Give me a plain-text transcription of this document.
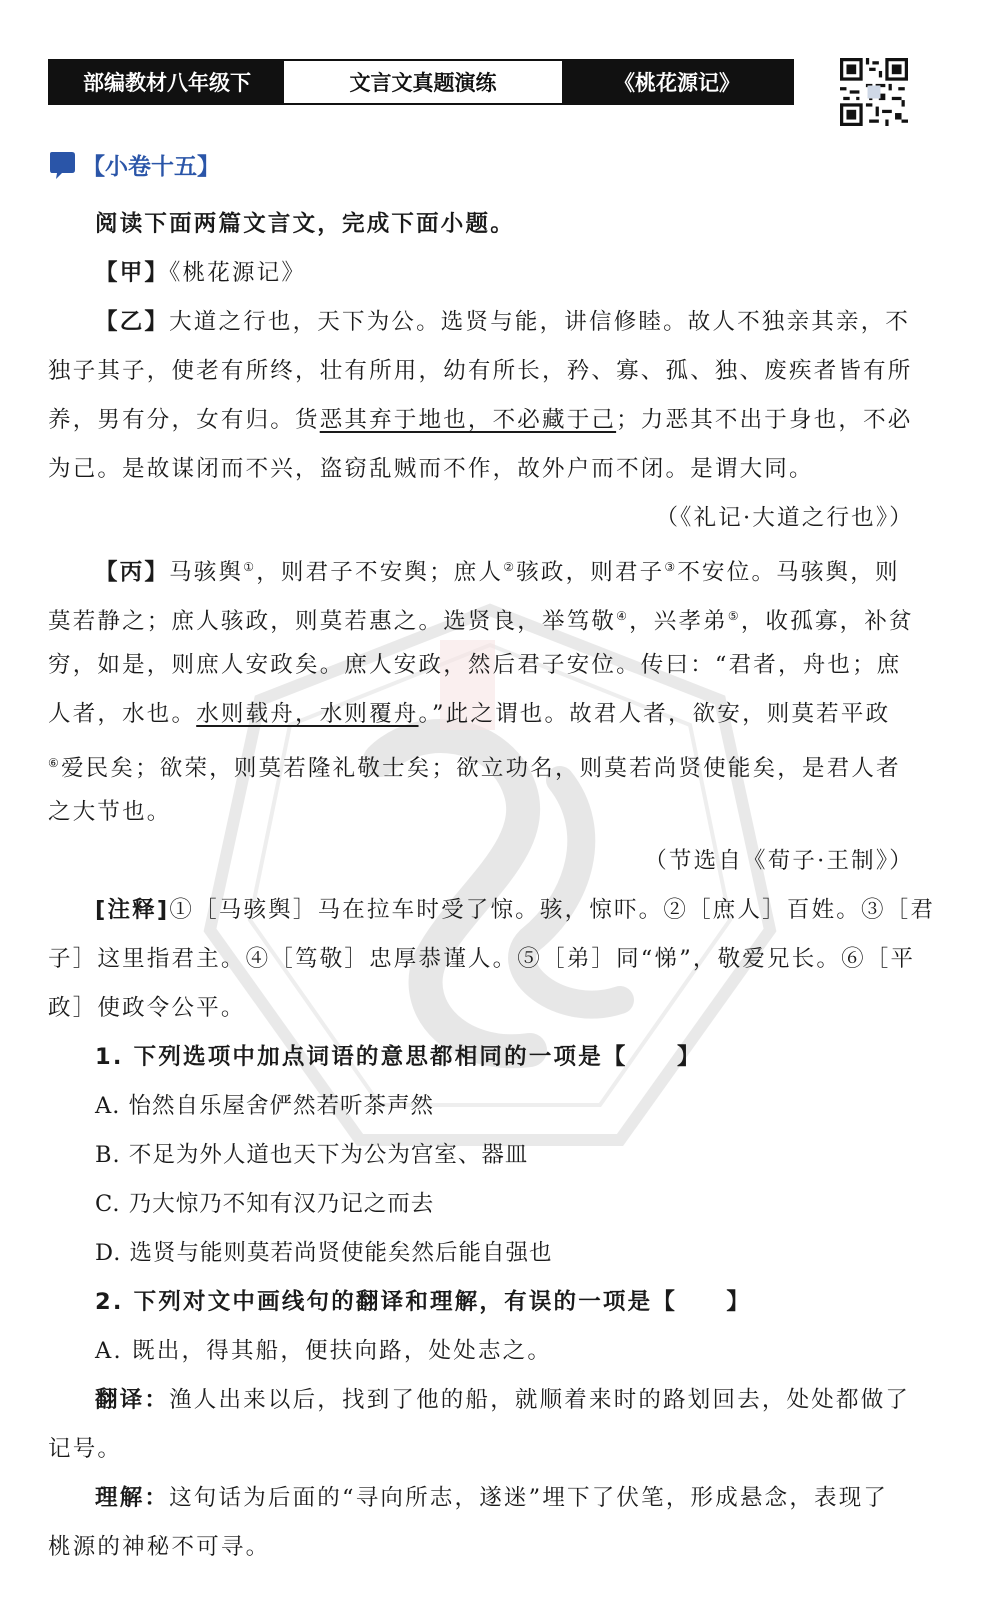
部编教材八年级下	文言文真题演练	《桃花源记》
【小卷十五】
阅读下面两篇文言文，完成下面小题。
【甲】《桃花源记》
【乙】大道之行也，天下为公。选贤与能，讲信修睦。故人不独亲其亲，不
独子其子，使老有所终，壮有所用，幼有所长，矜、寡、孤、独、废疾者皆有所
养，男有分，女有归。货恶其弃于地也，不必藏于己；力恶其不出于身也，不必
为己。是故谋闭而不兴，盗窃乱贼而不作，故外户而不闭。是谓大同。
（《礼记·大道之行也》）
【丙】马骇舆①，则君子不安舆；庶人②骇政，则君子③不安位。马骇舆，则
莫若静之；庶人骇政，则莫若惠之。选贤良，举笃敬④，兴孝弟⑤，收孤寡，补贫
穷，如是，则庶人安政矣。庶人安政，然后君子安位。传曰：“君者，舟也；庶
人者，水也。水则载舟，水则覆舟。”此之谓也。故君人者，欲安，则莫若平政
⑥爱民矣；欲荣，则莫若隆礼敬士矣；欲立功名，则莫若尚贤使能矣，是君人者
之大节也。
（节选自《荀子·王制》）
[注释]①［马骇舆］马在拉车时受了惊。骇，惊吓。②［庶人］百姓。③［君
子］这里指君主。④［笃敬］忠厚恭谨人。⑤［弟］同“悌”，敬爱兄长。⑥［平
政］使政令公平。
1. 下列选项中加点词语的意思都相同的一项是【　　】
A. 怡然自乐屋舍俨然若听茶声然
B. 不足为外人道也天下为公为宫室、器皿
C. 乃大惊乃不知有汉乃记之而去
D. 选贤与能则莫若尚贤使能矣然后能自强也
2. 下列对文中画线句的翻译和理解，有误的一项是【　　】
A. 既出，得其船，便扶向路，处处志之。
翻译：渔人出来以后，找到了他的船，就顺着来时的路划回去，处处都做了
记号。
理解：这句话为后面的“寻向所志，遂迷”埋下了伏笔，形成悬念，表现了
桃源的神秘不可寻。
